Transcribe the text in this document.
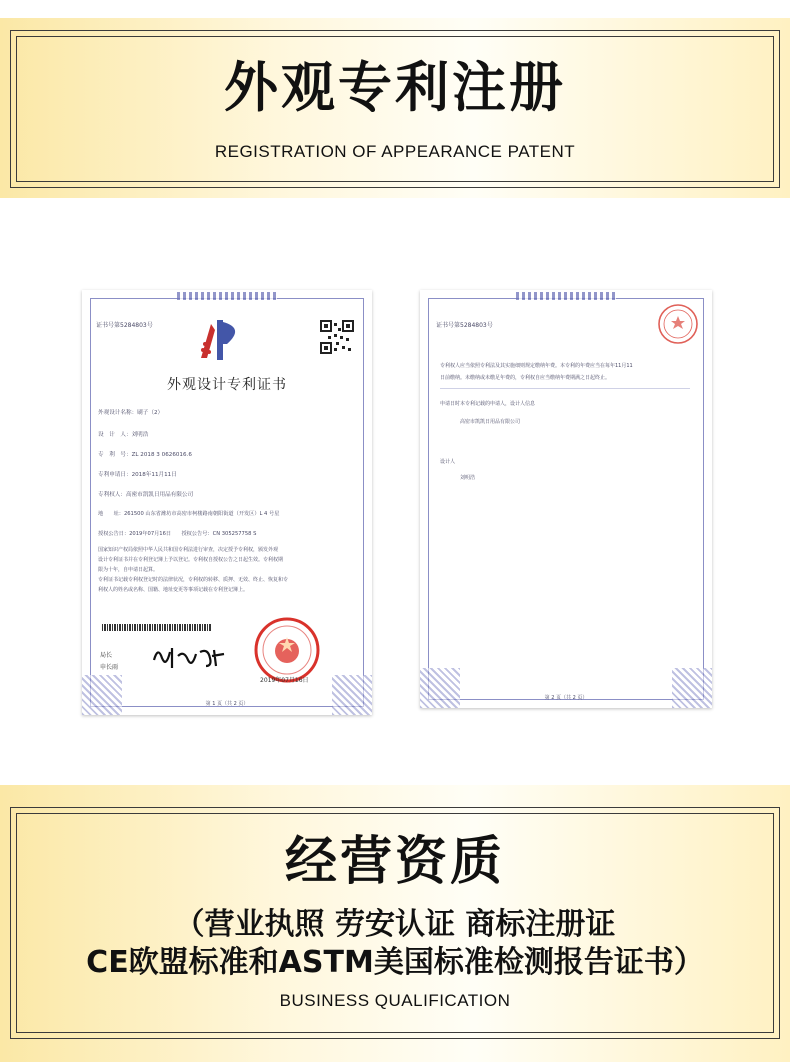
外观专利注册
REGISTRATION OF APPEARANCE PATENT
证书号第5284803号
外观设计专利证书
外观设计名称：刷子（2）
设　计　人：刘明浩
专　利　号：ZL 2018 3 0626016.6
专利申请日：2018年11月11日
专利权人：高密市凯凯日用品有限公司
地　　址：261500 山东省潍坊市高密市柯楼路南朝阳街道（开发区）L 4 号星
授权公告日：2019年07月16日　　授权公告号：CN 305257758 S
国家知识产权局依照中华人民共和国专利法进行审查，决定授予专利权，颁发外观
设计专利证书并在专利登记簿上予以登记。专利权自授权公告之日起生效。专利权期
限为十年，自申请日起算。
专利证书记载专利权登记时的法律状况，专利权的转移、质押、无效、终止、恢复和专
利权人的姓名或名称、国籍、地址变更等事项记载在专利登记簿上。
局长
申长雨
2019年07月16日
第 1 页（共 2 页）
证书号第5284803号
专利权人应当依照专利法及其实施细则规定缴纳年费。本专利的年费应当在每年11月11
日前缴纳。未缴纳或未缴足年费的，专利权自应当缴纳年费期满之日起终止。
申请日时本专利记载的申请人，设计人信息
高密市凯凯日用品有限公司
设计人
刘明浩
第 2 页（共 2 页）
经营资质
（营业执照 劳安认证 商标注册证
CE欧盟标准和ASTM美国标准检测报告证书）
BUSINESS QUALIFICATION
